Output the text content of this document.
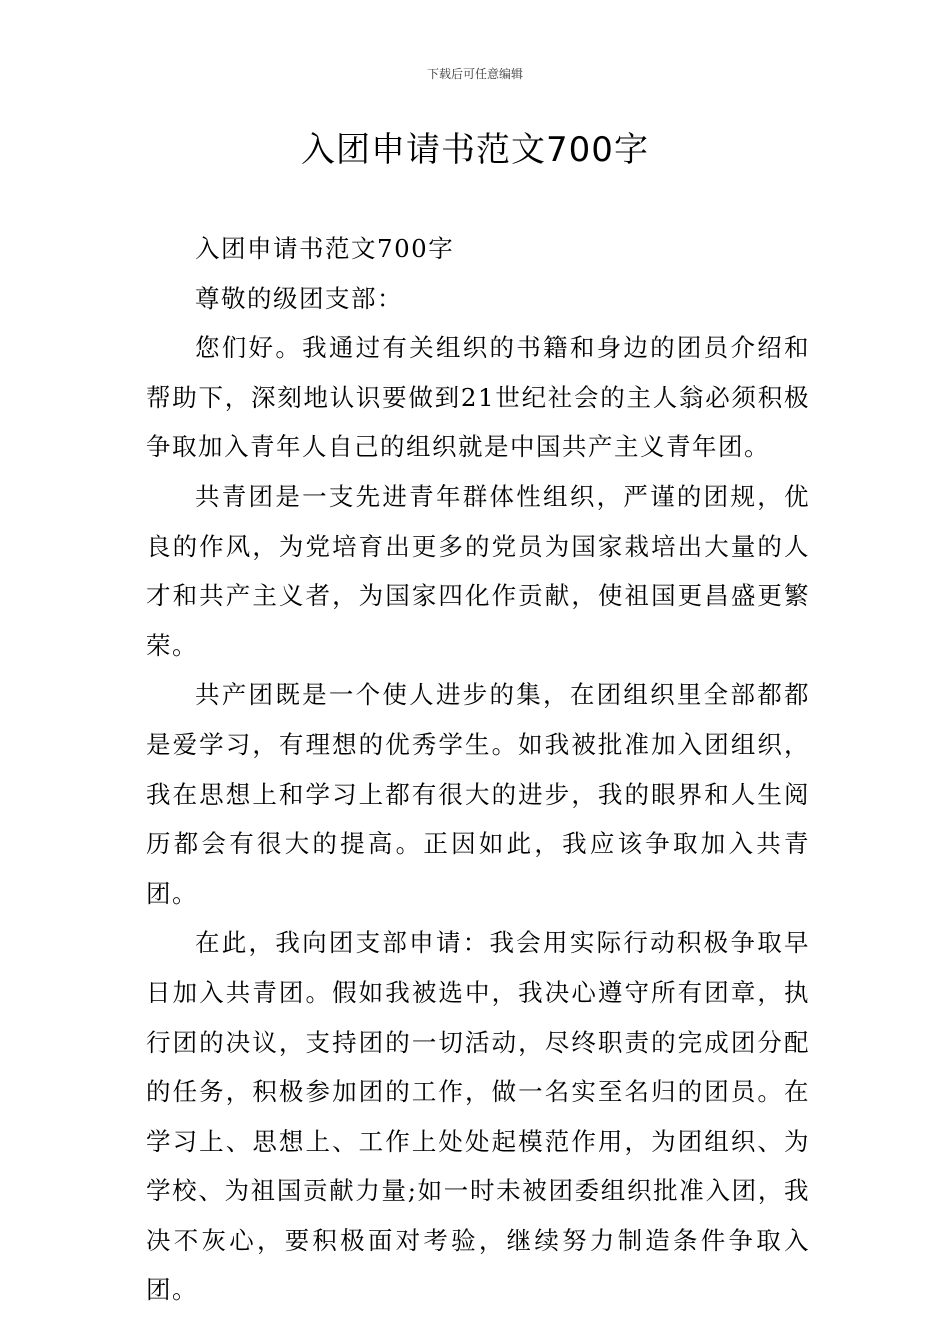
下载后可任意编辑
入团申请书范文700字

入团申请书范文700字

尊敬的级团支部：

您们好。我通过有关组织的书籍和身边的团员介绍和帮助下，深刻地认识要做到21世纪社会的主人翁必须积极争取加入青年人自己的组织就是中国共产主义青年团。

共青团是一支先进青年群体性组织，严谨的团规，优良的作风，为党培育出更多的党员为国家栽培出大量的人才和共产主义者，为国家四化作贡献，使祖国更昌盛更繁荣。

共产团既是一个使人进步的集，在团组织里全部都都是爱学习，有理想的优秀学生。如我被批准加入团组织，我在思想上和学习上都有很大的进步，我的眼界和人生阅历都会有很大的提高。正因如此，我应该争取加入共青团。

在此，我向团支部申请：我会用实际行动积极争取早日加入共青团。假如我被选中，我决心遵守所有团章，执行团的决议，支持团的一切活动，尽终职责的完成团分配的任务，积极参加团的工作，做一名实至名归的团员。在学习上、思想上、工作上处处起模范作用，为团组织、为学校、为祖国贡献力量;如一时未被团委组织批准入团，我决不灰心，要积极面对考验，继续努力制造条件争取入团。
